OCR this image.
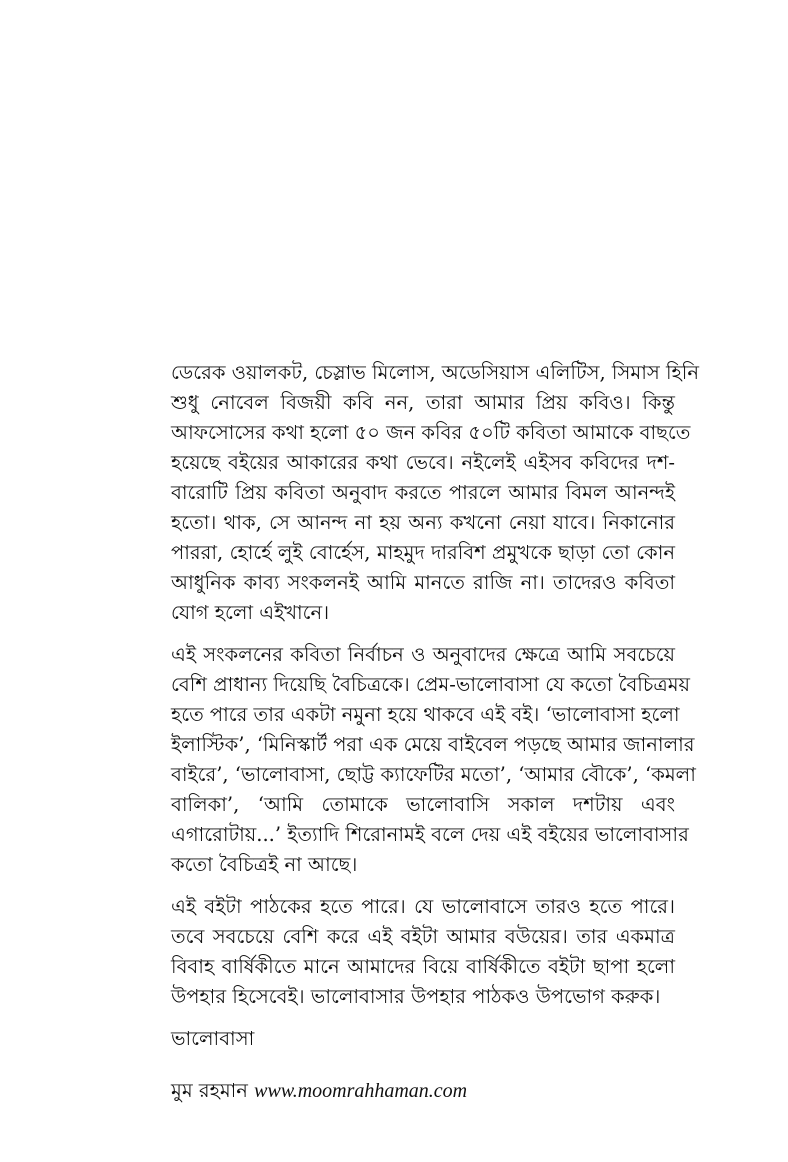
ডেরেক ওয়ালকট, চেস্লাভ মিলোস, অডেসিয়াস এলিটিস, সিমাস হিনি
শুধু নোবেল বিজয়ী কবি নন, তারা আমার প্রিয় কবিও। কিন্তু
আফসোসের কথা হলো ৫০ জন কবির ৫০টি কবিতা আমাকে বাছতে
হয়েছে বইয়ের আকারের কথা ভেবে। নইলেই এইসব কবিদের দশ-
বারোটি প্রিয় কবিতা অনুবাদ করতে পারলে আমার বিমল আনন্দই
হতো। থাক, সে আনন্দ না হয় অন্য কখনো নেয়া যাবে। নিকানোর
পাররা, হোর্হে লুই বোর্হেস, মাহমুদ দারবিশ প্রমুখকে ছাড়া তো কোন
আধুনিক কাব্য সংকলনই আমি মানতে রাজি না। তাদেরও কবিতা
যোগ হলো এইখানে।
এই সংকলনের কবিতা নির্বাচন ও অনুবাদের ক্ষেত্রে আমি সবচেয়ে
বেশি প্রাধান্য দিয়েছি বৈচিত্রকে। প্রেম-ভালোবাসা যে কতো বৈচিত্রময়
হতে পারে তার একটা নমুনা হয়ে থাকবে এই বই। ‘ভালোবাসা হলো
ইলাস্টিক’, ‘মিনিস্কার্ট পরা এক মেয়ে বাইবেল পড়ছে আমার জানালার
বাইরে’, ‘ভালোবাসা, ছোট্ট ক্যাফেটির মতো’, ‘আমার বৌকে’, ‘কমলা
বালিকা’, ‘আমি তোমাকে ভালোবাসি সকাল দশটায় এবং
এগারোটায়...’ ইত্যাদি শিরোনামই বলে দেয় এই বইয়ের ভালোবাসার
কতো বৈচিত্রই না আছে।
এই বইটা পাঠকের হতে পারে। যে ভালোবাসে তারও হতে পারে।
তবে সবচেয়ে বেশি করে এই বইটা আমার বউয়ের। তার একমাত্র
বিবাহ বার্ষিকীতে মানে আমাদের বিয়ে বার্ষিকীতে বইটা ছাপা হলো
উপহার হিসেবেই। ভালোবাসার উপহার পাঠকও উপভোগ করুক।
ভালোবাসা
মুম রহমান www.moomrahhaman.com
